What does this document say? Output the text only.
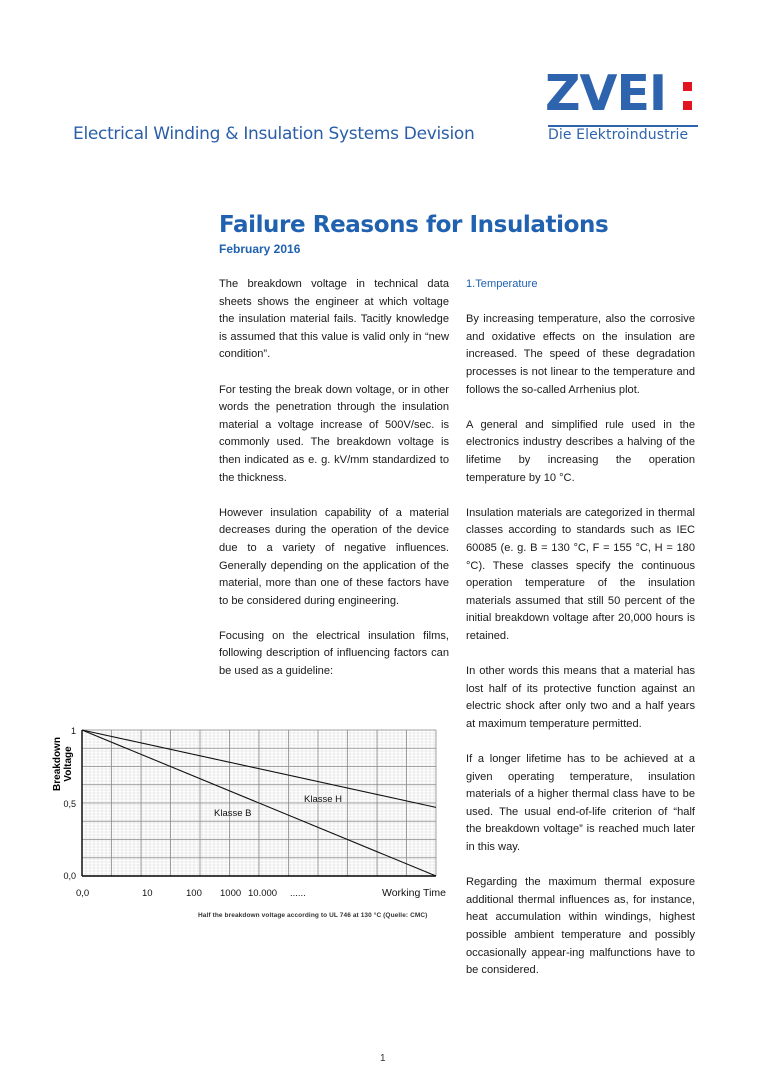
Electrical Winding & Insulation Systems Devision
ZVEI
Die Elektroindustrie
Failure Reasons for Insulations
February 2016

The breakdown voltage in technical data sheets shows the engineer at which voltage the insulation material fails. Tacitly knowledge is assumed that this value is valid only in “new condition”.

For testing the break down voltage, or in other words the penetration through the insulation material a voltage increase of 500V/sec. is commonly used. The breakdown voltage is then indicated as e. g. kV/mm standardized to the thickness.

However insulation capability of a material decreases during the operation of the device due to a variety of negative influences. Generally depending on the application of the material, more than one of these factors have to be considered during engineering.

Focusing on the electrical insulation films, following description of influencing factors can be used as a guideline:

1.Temperature

By increasing temperature, also the corrosive and oxidative effects on the insulation are increased. The speed of these degradation processes is not linear to the temperature and follows the so-called Arrhenius plot.

A general and simplified rule used in the electronics industry describes a halving of the lifetime by increasing the operation temperature by 10 °C.

Insulation materials are categorized in thermal classes according to standards such as IEC 60085 (e. g. B = 130 °C, F = 155 °C, H = 180 °C). These classes specify the continuous operation temperature of the insulation materials assumed that still 50 percent of the initial breakdown voltage after 20,000 hours is retained.

In other words this means that a material has lost half of its protective function against an electric shock after only two and a half years at maximum temperature permitted.

If a longer lifetime has to be achieved at a given operating temperature, insulation materials of a higher thermal class have to be used. The usual end-of-life criterion of “half the breakdown voltage” is reached much later in this way.

Regarding the maximum thermal exposure additional thermal influences as, for instance, heat accumulation within windings, highest possible ambient temperature and possibly occasionally appear-ing malfunctions have to be considered.

Klasse B
Klasse H
1
0,5
0,0
0,0	10	100 1000 10.000 ......	Working Time
Breakdown Voltage
Half the breakdown voltage according to UL 746 at 130 °C (Quelle: CMC)
1
